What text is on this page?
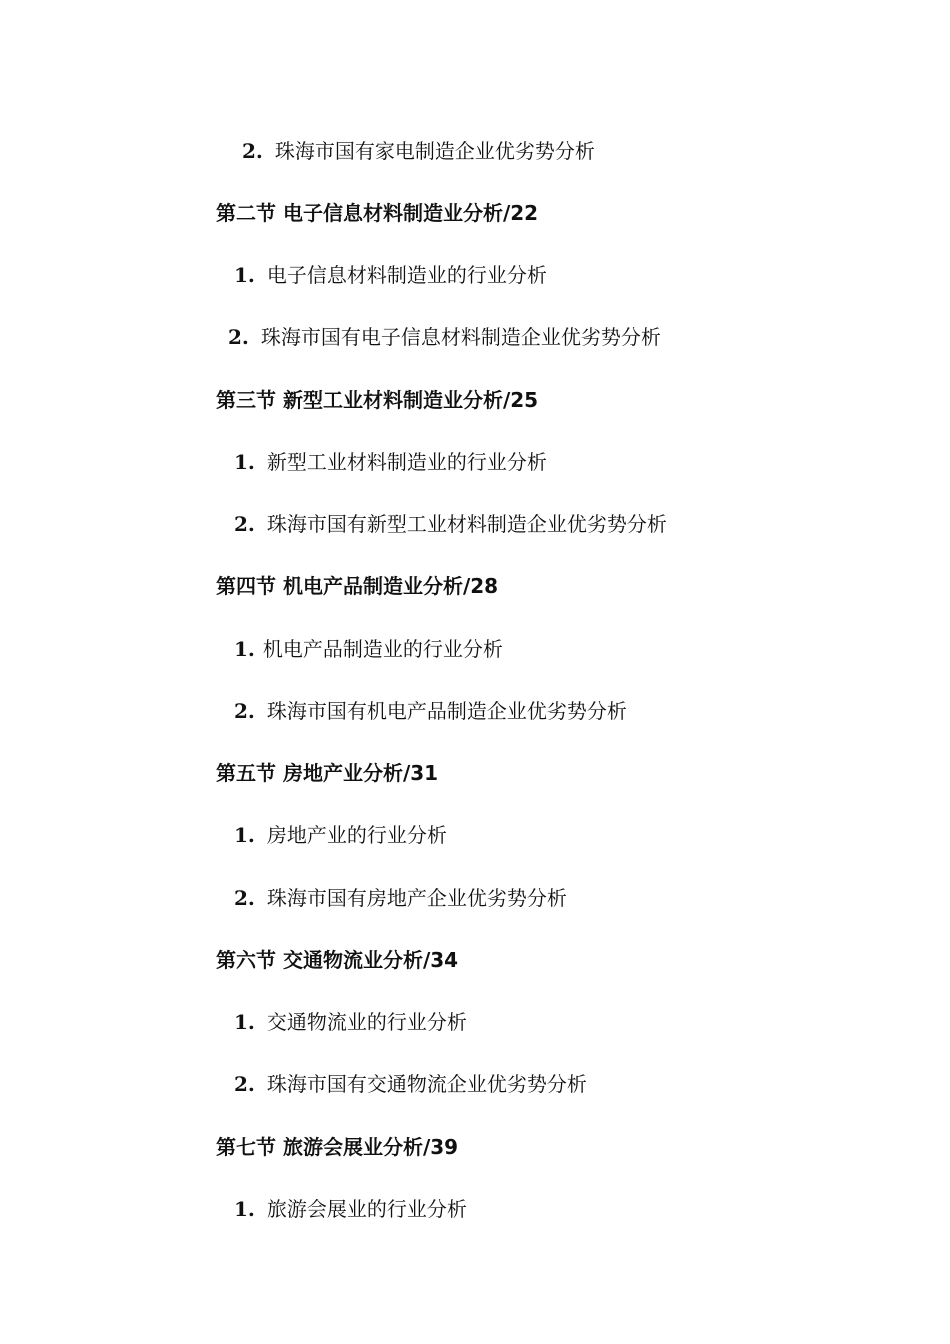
2. 珠海市国有家电制造企业优劣势分析
第二节 电子信息材料制造业分析/22
1. 电子信息材料制造业的行业分析
2. 珠海市国有电子信息材料制造企业优劣势分析
第三节 新型工业材料制造业分析/25
1. 新型工业材料制造业的行业分析
2. 珠海市国有新型工业材料制造企业优劣势分析
第四节 机电产品制造业分析/28
1. 机电产品制造业的行业分析
2. 珠海市国有机电产品制造企业优劣势分析
第五节 房地产业分析/31
1. 房地产业的行业分析
2. 珠海市国有房地产企业优劣势分析
第六节 交通物流业分析/34
1. 交通物流业的行业分析
2. 珠海市国有交通物流企业优劣势分析
第七节 旅游会展业分析/39
1. 旅游会展业的行业分析
